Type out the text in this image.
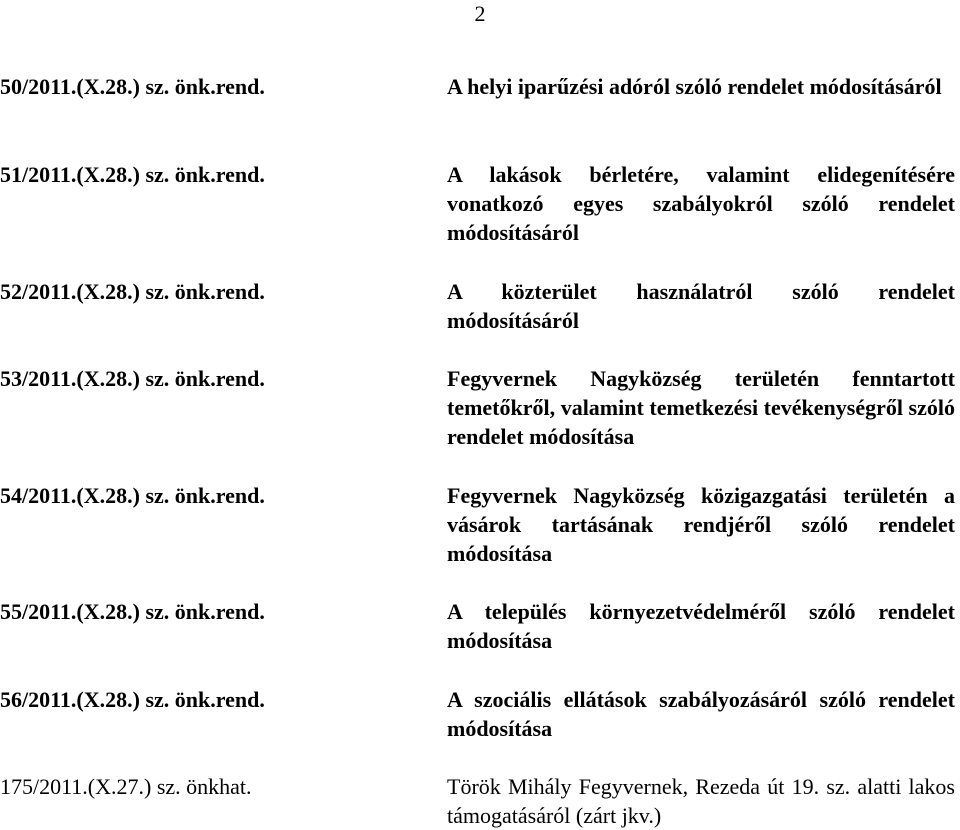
2
50/2011.(X.28.) sz. önk.rend.	A helyi iparűzési adóról szóló rendelet módosításáról
51/2011.(X.28.) sz. önk.rend.	A lakások bérletére, valamint elidegenítésére vonatkozó egyes szabályokról szóló rendelet módosításáról
52/2011.(X.28.) sz. önk.rend.	A közterület használatról szóló rendelet módosításáról
53/2011.(X.28.) sz. önk.rend.	Fegyvernek Nagyközség területén fenntartott temetőkről, valamint temetkezési tevékenységről szóló rendelet módosítása
54/2011.(X.28.) sz. önk.rend.	Fegyvernek Nagyközség közigazgatási területén a vásárok tartásának rendjéről szóló rendelet módosítása
55/2011.(X.28.) sz. önk.rend.	A település környezetvédelméről szóló rendelet módosítása
56/2011.(X.28.) sz. önk.rend.	A szociális ellátások szabályozásáról szóló rendelet módosítása
175/2011.(X.27.) sz. önkhat.	Török Mihály Fegyvernek, Rezeda út 19. sz. alatti lakos támogatásáról (zárt jkv.)
